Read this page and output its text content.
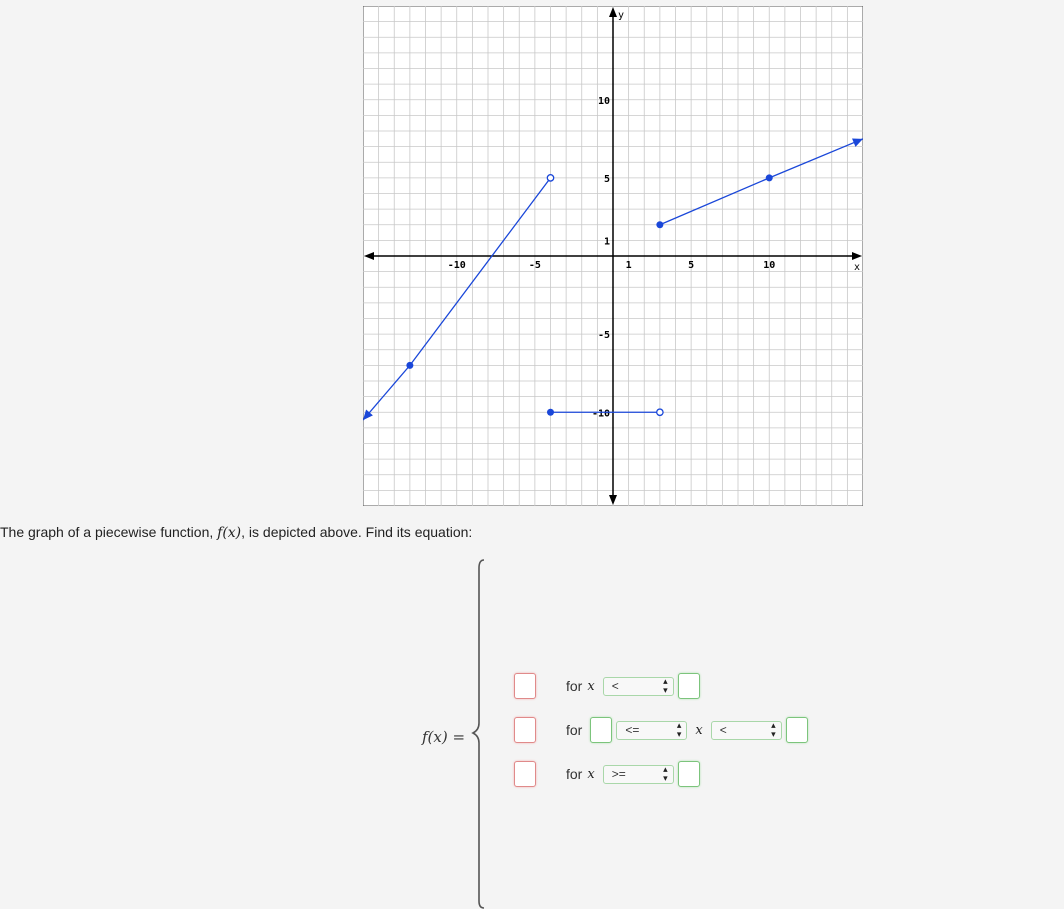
x
y
-10	-5	1	5	10
10
5
1
-5
-10
The graph of a piecewise function, f(x), is depicted above. Find its equation:
f(x) =
for x <	▴
▾
for	<=	▴
▾ x <	▴
▾
for x >=	▴
▾
